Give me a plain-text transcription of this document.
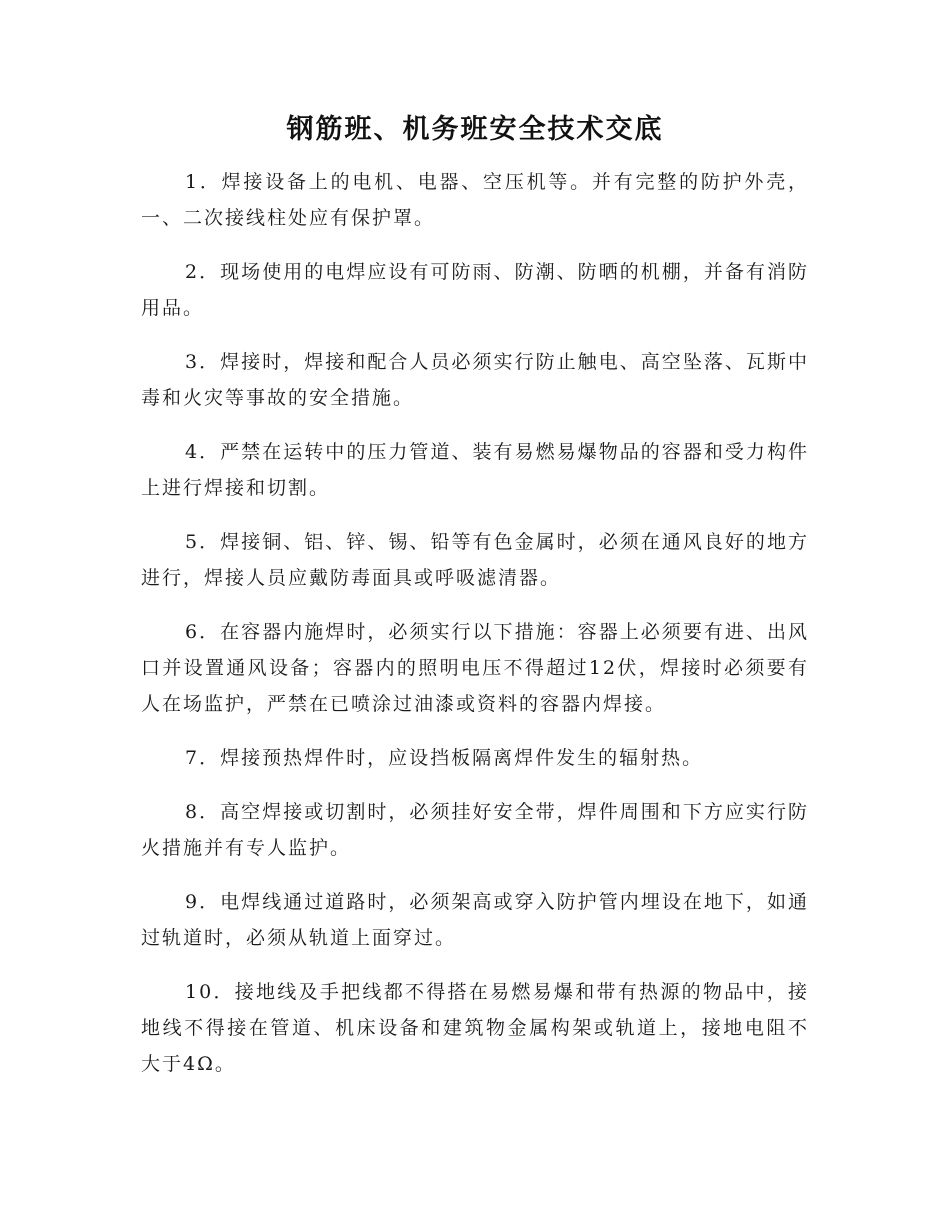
钢筋班、机务班安全技术交底

1．焊接设备上的电机、电器、空压机等。并有完整的防护外壳，一、二次接线柱处应有保护罩。

2．现场使用的电焊应设有可防雨、防潮、防晒的机棚，并备有消防用品。

3．焊接时，焊接和配合人员必须实行防止触电、高空坠落、瓦斯中毒和火灾等事故的安全措施。

4．严禁在运转中的压力管道、装有易燃易爆物品的容器和受力构件上进行焊接和切割。

5．焊接铜、铝、锌、锡、铅等有色金属时，必须在通风良好的地方进行，焊接人员应戴防毒面具或呼吸滤清器。

6．在容器内施焊时，必须实行以下措施：容器上必须要有进、出风口并设置通风设备；容器内的照明电压不得超过12伏，焊接时必须要有人在场监护，严禁在已喷涂过油漆或资料的容器内焊接。

7．焊接预热焊件时，应设挡板隔离焊件发生的辐射热。

8．高空焊接或切割时，必须挂好安全带，焊件周围和下方应实行防火措施并有专人监护。

9．电焊线通过道路时，必须架高或穿入防护管内埋设在地下，如通过轨道时，必须从轨道上面穿过。

10．接地线及手把线都不得搭在易燃易爆和带有热源的物品中，接地线不得接在管道、机床设备和建筑物金属构架或轨道上，接地电阻不大于4Ω。
